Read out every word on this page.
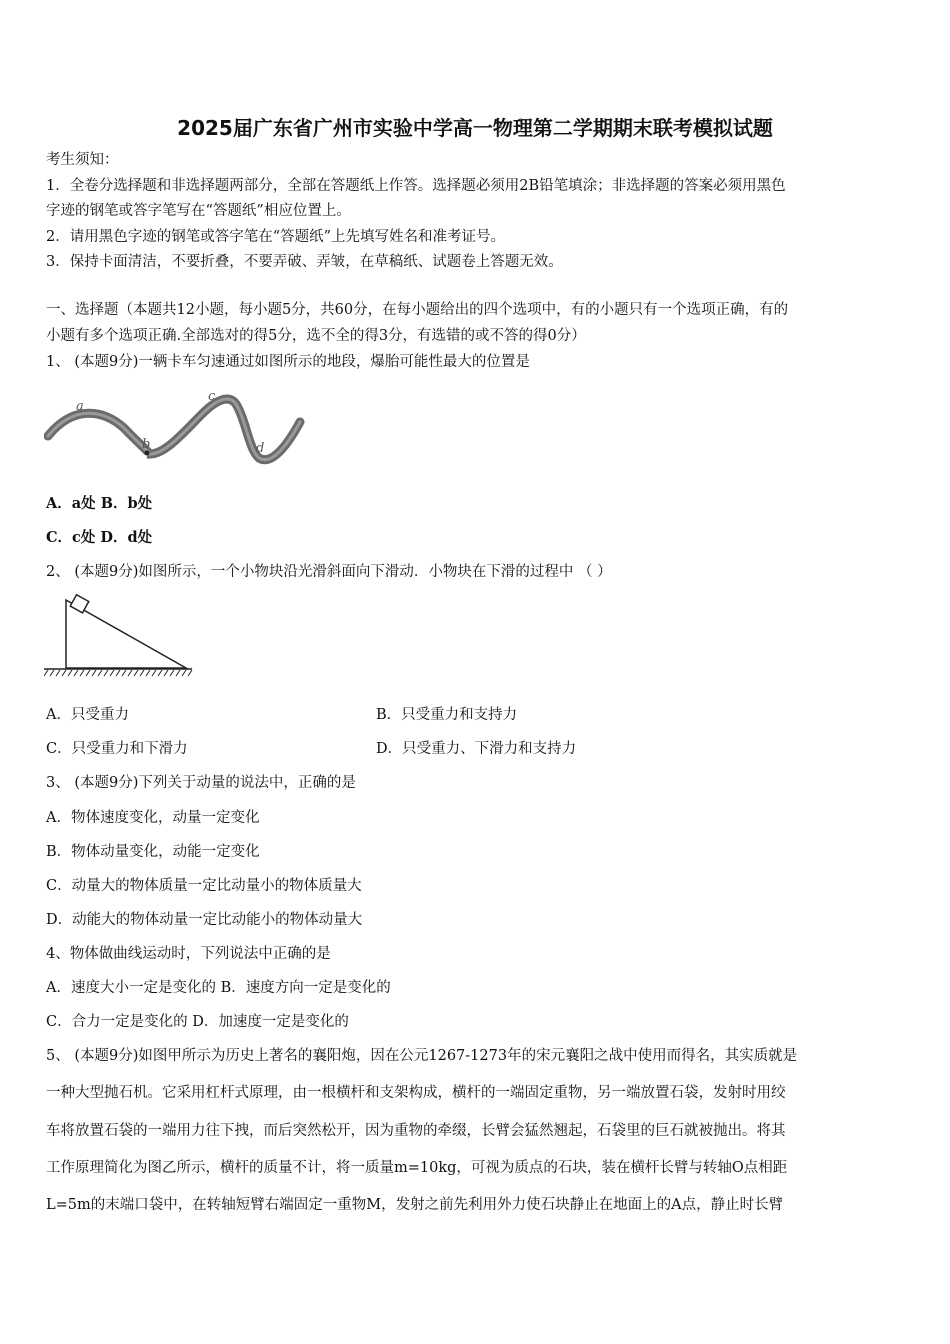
2025届广东省广州市实验中学高一物理第二学期期末联考模拟试题
考生须知：
1．全卷分选择题和非选择题两部分，全部在答题纸上作答。选择题必须用2B铅笔填涂；非选择题的答案必须用黑色
字迹的钢笔或答字笔写在“答题纸”相应位置上。
2．请用黑色字迹的钢笔或答字笔在“答题纸”上先填写姓名和准考证号。
3．保持卡面清洁，不要折叠，不要弄破、弄皱，在草稿纸、试题卷上答题无效。
一、选择题（本题共12小题，每小题5分，共60分，在每小题给出的四个选项中，有的小题只有一个选项正确，有的
小题有多个选项正确.全部选对的得5分，选不全的得3分，有选错的或不答的得0分）
1、 (本题9分)一辆卡车匀速通过如图所示的地段，爆胎可能性最大的位置是
a
b
c
d
A．a处 B．b处
C．c处 D．d处
2、 (本题9分)如图所示，一个小物块沿光滑斜面向下滑动．小物块在下滑的过程中 （ ）
A．只受重力	B．只受重力和支持力
C．只受重力和下滑力	D．只受重力、下滑力和支持力
3、 (本题9分)下列关于动量的说法中，正确的是
A．物体速度变化，动量一定变化
B．物体动量变化，动能一定变化
C．动量大的物体质量一定比动量小的物体质量大
D．动能大的物体动量一定比动能小的物体动量大
4、物体做曲线运动时，下列说法中正确的是
A．速度大小一定是变化的 B．速度方向一定是变化的
C．合力一定是变化的 D．加速度一定是变化的
5、 (本题9分)如图甲所示为历史上著名的襄阳炮，因在公元1267-1273年的宋元襄阳之战中使用而得名，其实质就是
一种大型抛石机。它采用杠杆式原理，由一根横杆和支架构成，横杆的一端固定重物，另一端放置石袋，发射时用绞
车将放置石袋的一端用力往下拽，而后突然松开，因为重物的牵缀，长臂会猛然翘起，石袋里的巨石就被抛出。将其
工作原理简化为图乙所示，横杆的质量不计，将一质量m=10kg，可视为质点的石块，装在横杆长臂与转轴O点相距
L=5m的末端口袋中，在转轴短臂右端固定一重物M，发射之前先利用外力使石块静止在地面上的A点，静止时长臂
